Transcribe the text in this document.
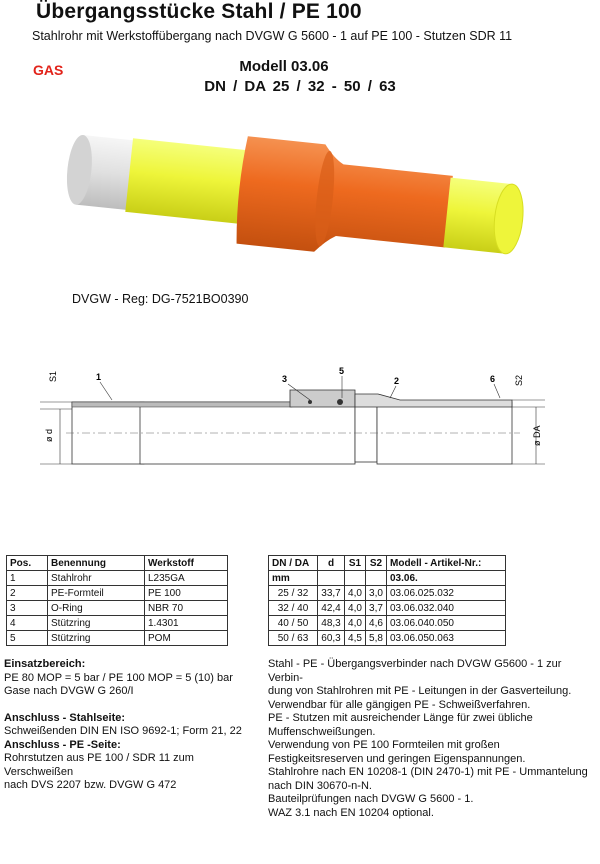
Übergangsstücke Stahl / PE 100
Stahlrohr mit Werkstoffübergang nach DVGW G 5600 - 1 auf PE 100 - Stutzen SDR 11
GAS	Modell 03.06
DN / DA 25 / 32 - 50 / 63
DVGW - Reg: DG-7521BO0390
S1
ø d
S2
ø DA
1	3
5
2	6
Pos.	Benennung	Werkstoff
1	Stahlrohr	L235GA
2	PE-Formteil	PE 100
3	O-Ring	NBR 70
4	Stützring	1.4301
5	Stützring	POM
DN / DA	d	S1	S2	Modell - Artikel-Nr.:
mm				03.06.
25 / 32	33,7	4,0	3,0	03.06.025.032
32 / 40	42,4	4,0	3,7	03.06.032.040
40 / 50	48,3	4,0	4,6	03.06.040.050
50 / 63	60,3	4,5	5,8	03.06.050.063
Einsatzbereich:
PE 80 MOP = 5 bar / PE 100 MOP = 5 (10) bar
Gase nach DVGW G 260/I
Anschluss - Stahlseite:
Schweißenden DIN EN ISO 9692-1; Form 21, 22
Anschluss - PE -Seite:
Rohrstutzen aus PE 100 / SDR 11 zum Verschweißen
nach DVS 2207 bzw. DVGW G 472
Stahl - PE - Übergangsverbinder nach DVGW G5600 - 1 zur Verbin-
dung von Stahlrohren mit PE - Leitungen in der Gasverteilung.
Verwendbar für alle gängigen PE - Schweißverfahren.
PE - Stutzen mit ausreichender Länge für zwei übliche
Muffenschweißungen.
Verwendung von PE 100 Formteilen mit großen
Festigkeitsreserven und geringen Eigenspannungen.
Stahlrohre nach EN 10208-1 (DIN 2470-1) mit PE - Ummantelung
nach DIN 30670-n-N.
Bauteilprüfungen nach DVGW G 5600 - 1.
WAZ 3.1 nach EN 10204 optional.
